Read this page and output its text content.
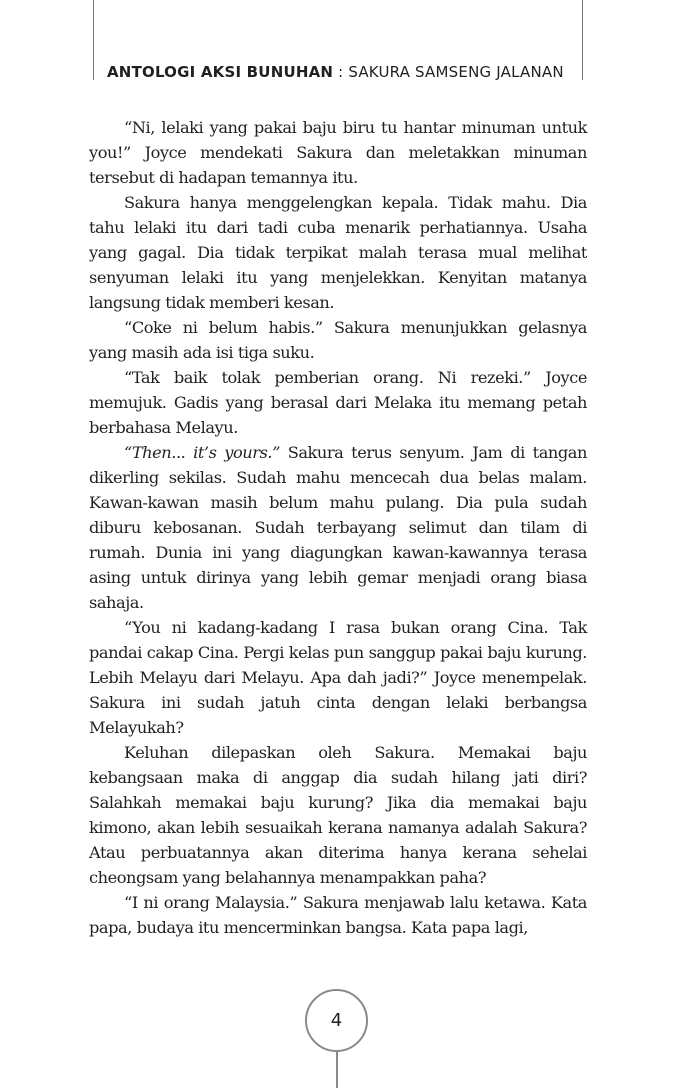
ANTOLOGI AKSI BUNUHAN : SAKURA SAMSENG JALANAN

“Ni, lelaki yang pakai baju biru tu hantar minuman untuk you!” Joyce mendekati Sakura dan meletakkan minuman tersebut di hadapan temannya itu.

Sakura hanya menggelengkan kepala. Tidak mahu. Dia tahu lelaki itu dari tadi cuba menarik perhatiannya. Usaha yang gagal. Dia tidak terpikat malah terasa mual melihat senyuman lelaki itu yang menjelekkan. Kenyitan matanya langsung tidak memberi kesan.

“Coke ni belum habis.” Sakura menunjukkan gelasnya yang masih ada isi tiga suku.

“Tak baik tolak pemberian orang. Ni rezeki.” Joyce memujuk. Gadis yang berasal dari Melaka itu memang petah berbahasa Melayu.

“Then... it’s yours.” Sakura terus senyum. Jam di tangan dikerling sekilas. Sudah mahu mencecah dua belas malam. Kawan-kawan masih belum mahu pulang. Dia pula sudah diburu kebosanan. Sudah terbayang selimut dan tilam di rumah. Dunia ini yang diagungkan kawan-kawannya terasa asing untuk dirinya yang lebih gemar menjadi orang biasa sahaja.

“You ni kadang-kadang I rasa bukan orang Cina. Tak pandai cakap Cina. Pergi kelas pun sanggup pakai baju kurung. Lebih Melayu dari Melayu. Apa dah jadi?” Joyce menempelak. Sakura ini sudah jatuh cinta dengan lelaki berbangsa Melayukah?

Keluhan dilepaskan oleh Sakura. Memakai baju kebangsaan maka di anggap dia sudah hilang jati diri? Salahkah memakai baju kurung? Jika dia memakai baju kimono, akan lebih sesuaikah kerana namanya adalah Sakura? Atau perbuatannya akan diterima hanya kerana sehelai cheongsam yang belahannya menampakkan paha?

“I ni orang Malaysia.” Sakura menjawab lalu ketawa. Kata papa, budaya itu mencerminkan bangsa. Kata papa lagi,

4
